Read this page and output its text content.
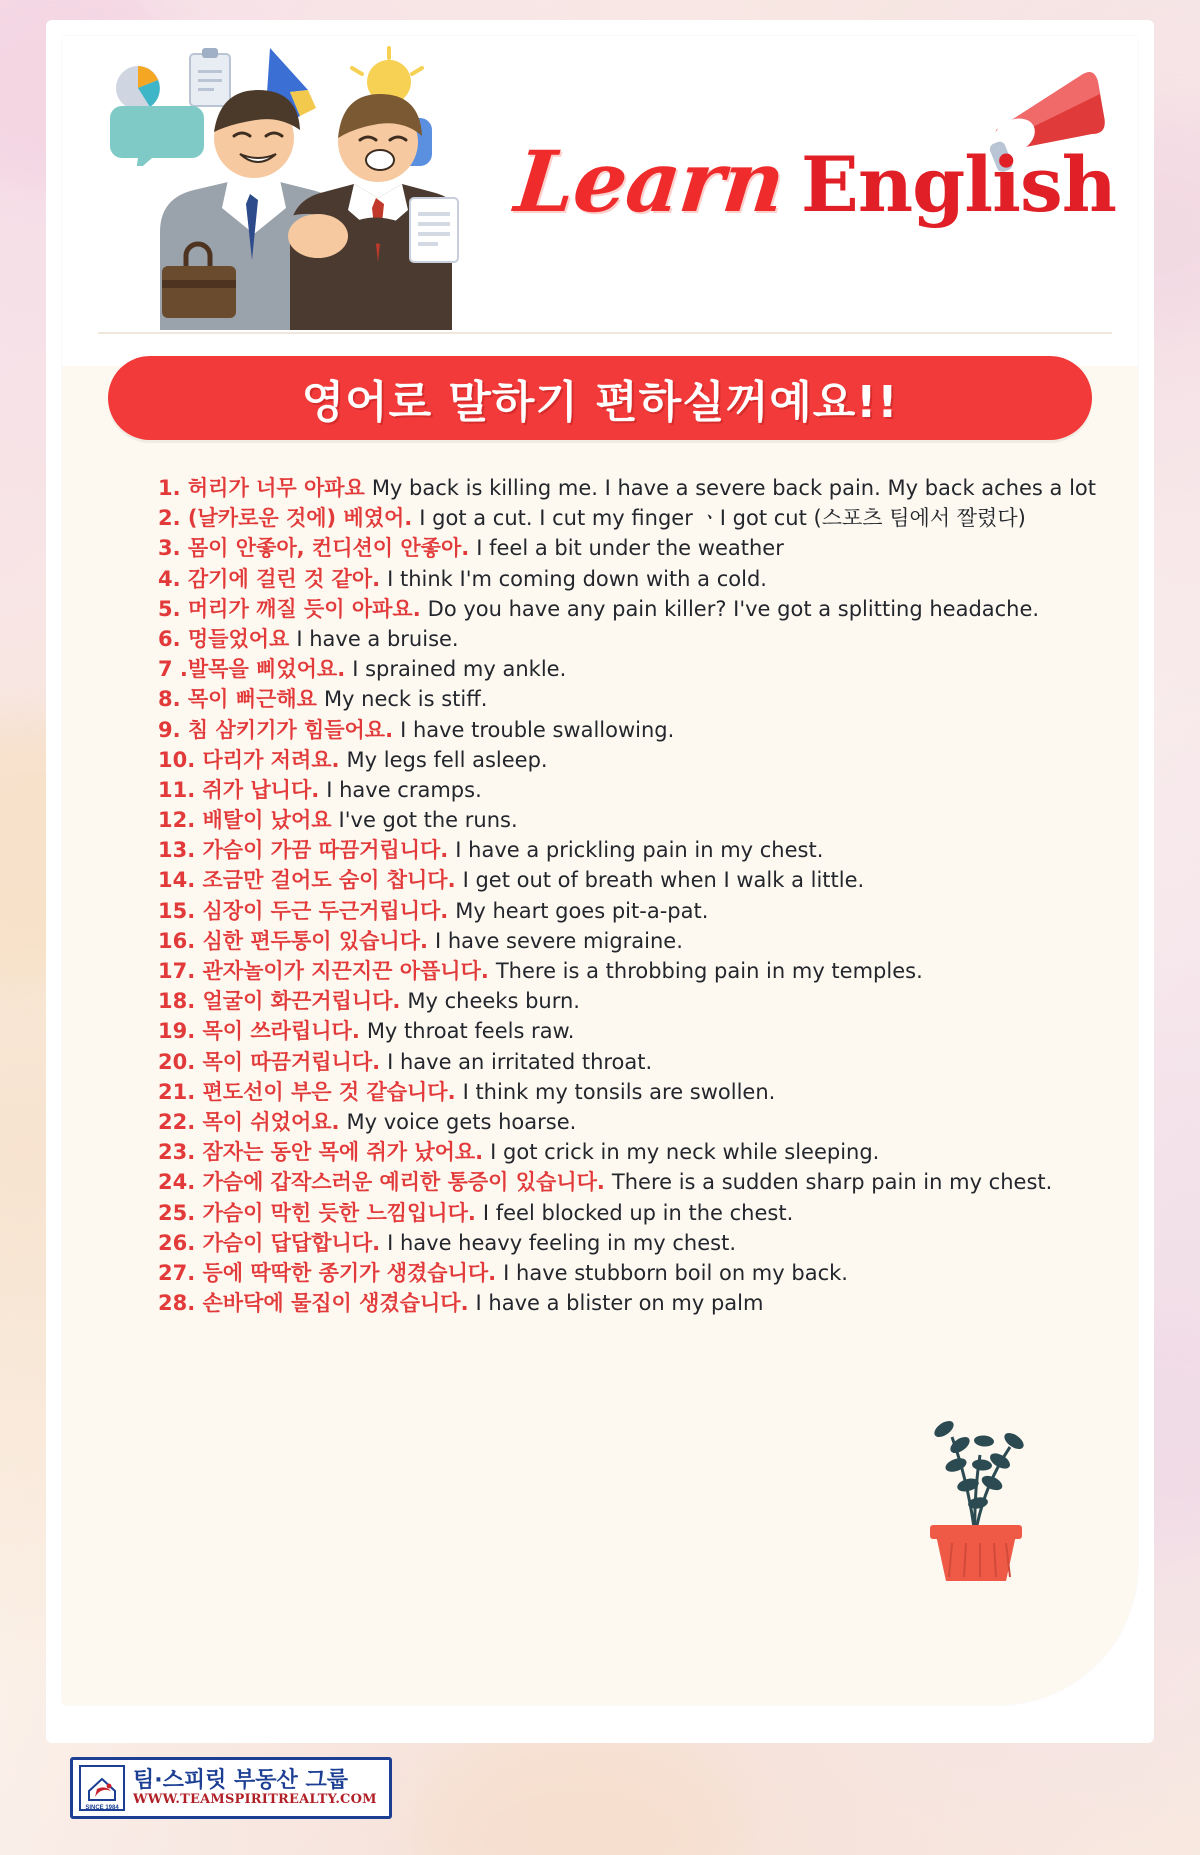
Learn English
영어로 말하기 편하실꺼예요!!
1. 허리가 너무 아파요 My back is killing me. I have a severe back pain. My back aches a lot
2. (날카로운 것에) 베였어. I got a cut. I cut my finger ㆍI got cut (스포츠 팀에서 짤렸다)
3. 몸이 안좋아, 컨디션이 안좋아. I feel a bit under the weather
4. 감기에 걸린 것 같아. I think I'm coming down with a cold.
5. 머리가 깨질 듯이 아파요. Do you have any pain killer? I've got a splitting headache.
6. 멍들었어요 I have a bruise.
7 .발목을 삐었어요. I sprained my ankle.
8. 목이 뻐근해요 My neck is stiff.
9. 침 삼키기가 힘들어요. I have trouble swallowing.
10. 다리가 저려요. My legs fell asleep.
11. 쥐가 납니다. I have cramps.
12. 배탈이 났어요 I've got the runs.
13. 가슴이 가끔 따끔거립니다. I have a prickling pain in my chest.
14. 조금만 걸어도 숨이 찹니다. I get out of breath when I walk a little.
15. 심장이 두근 두근거립니다. My heart goes pit-a-pat.
16. 심한 편두통이 있습니다. I have severe migraine.
17. 관자놀이가 지끈지끈 아픕니다. There is a throbbing pain in my temples.
18. 얼굴이 화끈거립니다. My cheeks burn.
19. 목이 쓰라립니다. My throat feels raw.
20. 목이 따끔거립니다. I have an irritated throat.
21. 편도선이 부은 것 같습니다. I think my tonsils are swollen.
22. 목이 쉬었어요. My voice gets hoarse.
23. 잠자는 동안 목에 쥐가 났어요. I got crick in my neck while sleeping.
24. 가슴에 갑작스러운 예리한 통증이 있습니다. There is a sudden sharp pain in my chest.
25. 가슴이 막힌 듯한 느낌입니다. I feel blocked up in the chest.
26. 가슴이 답답합니다. I have heavy feeling in my chest.
27. 등에 딱딱한 종기가 생겼습니다. I have stubborn boil on my back.
28. 손바닥에 물집이 생겼습니다. I have a blister on my palm
SINCE 1984
팀·스피릿 부동산 그룹
WWW.TEAMSPIRITREALTY.COM
